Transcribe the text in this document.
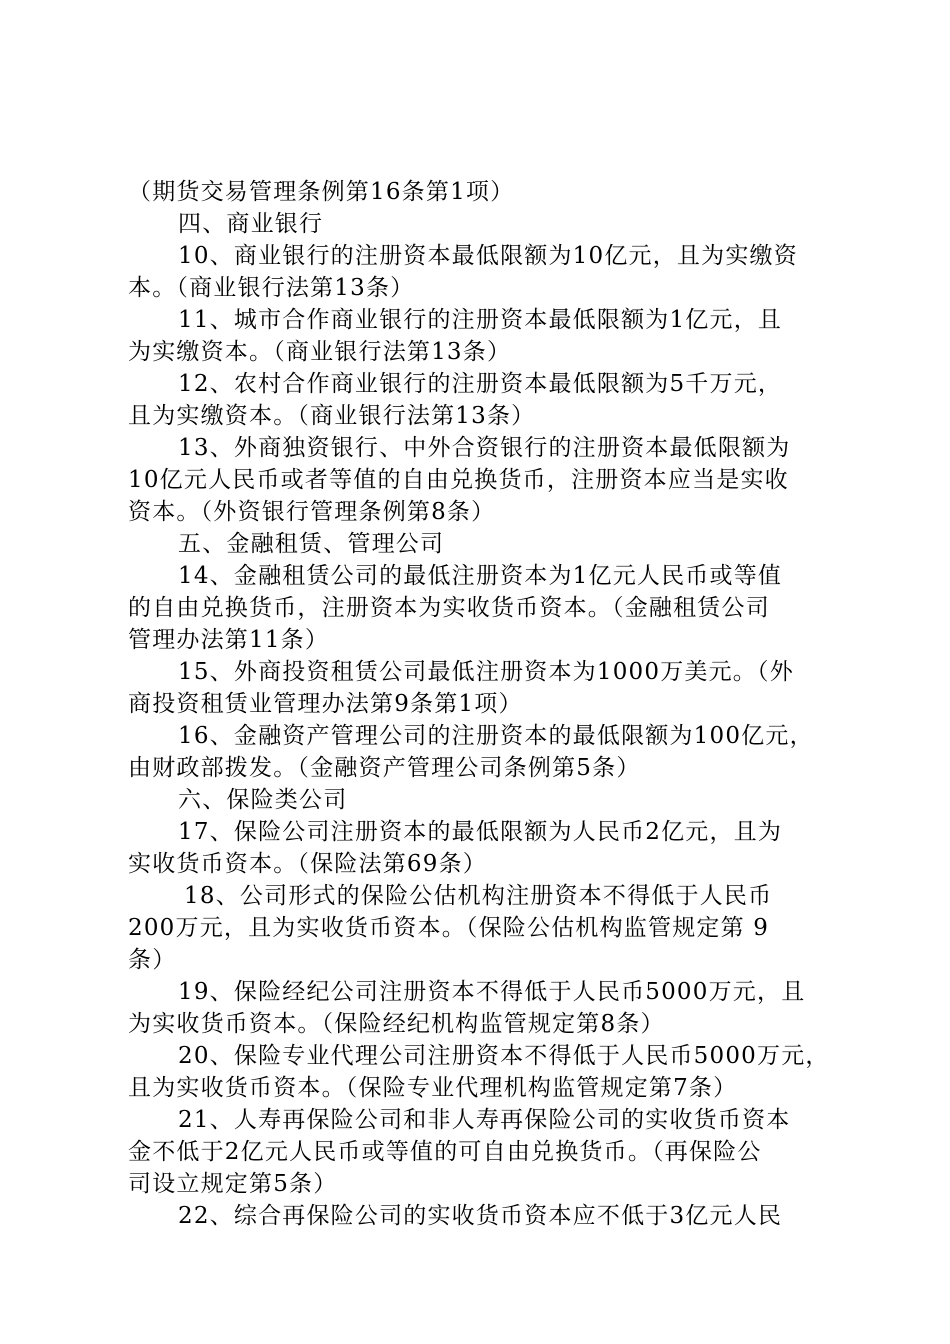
（期货交易管理条例第16条第1项）
四、商业银行
10、商业银行的注册资本最低限额为10亿元，且为实缴资
本。（商业银行法第13条）
11、城市合作商业银行的注册资本最低限额为1亿元，且
为实缴资本。（商业银行法第13条）
12、农村合作商业银行的注册资本最低限额为5千万元，
且为实缴资本。（商业银行法第13条）
13、外商独资银行、中外合资银行的注册资本最低限额为
10亿元人民币或者等值的自由兑换货币，注册资本应当是实收
资本。（外资银行管理条例第8条）
五、金融租赁、管理公司
14、金融租赁公司的最低注册资本为1亿元人民币或等值
的自由兑换货币，注册资本为实收货币资本。（金融租赁公司
管理办法第11条）
15、外商投资租赁公司最低注册资本为1000万美元。（外
商投资租赁业管理办法第9条第1项）
16、金融资产管理公司的注册资本的最低限额为100亿元，
由财政部拨发。（金融资产管理公司条例第5条）
六、保险类公司
17、保险公司注册资本的最低限额为人民币2亿元，且为
实收货币资本。（保险法第69条）
18、公司形式的保险公估机构注册资本不得低于人民币
200万元，且为实收货币资本。（保险公估机构监管规定第 9
条）
19、保险经纪公司注册资本不得低于人民币5000万元，且
为实收货币资本。（保险经纪机构监管规定第8条）
20、保险专业代理公司注册资本不得低于人民币5000万元，
且为实收货币资本。（保险专业代理机构监管规定第7条）
21、人寿再保险公司和非人寿再保险公司的实收货币资本
金不低于2亿元人民币或等值的可自由兑换货币。（再保险公
司设立规定第5条）
22、综合再保险公司的实收货币资本应不低于3亿元人民
